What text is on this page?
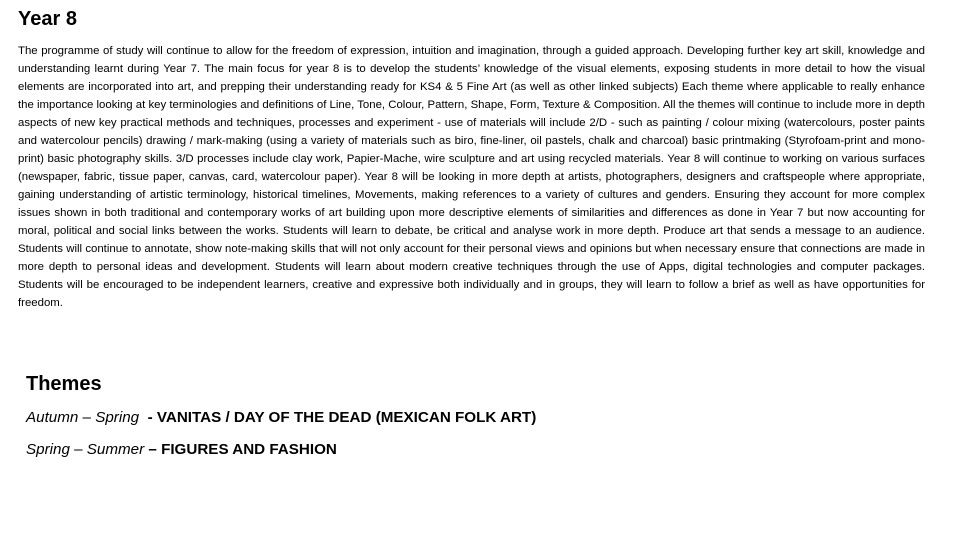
Year 8

The programme of study will continue to allow for the freedom of expression, intuition and imagination, through a guided approach. Developing further key art skill, knowledge and understanding learnt during Year 7. The main focus for year 8 is to develop the students’ knowledge of the visual elements, exposing students in more detail to how the visual elements are incorporated into art, and prepping their understanding ready for KS4 & 5 Fine Art (as well as other linked subjects) Each theme where applicable to really enhance the importance looking at key terminologies and definitions of Line, Tone, Colour, Pattern, Shape, Form, Texture & Composition. All the themes will continue to include more in depth aspects of new key practical methods and techniques, processes and experiment - use of materials will include 2/D - such as painting / colour mixing (watercolours, poster paints and watercolour pencils) drawing / mark-making (using a variety of materials such as biro, fine-liner, oil pastels, chalk and charcoal) basic printmaking (Styrofoam-print and mono-print) basic photography skills. 3/D processes include clay work, Papier-Mache, wire sculpture and art using recycled materials. Year 8 will continue to working on various surfaces (newspaper, fabric, tissue paper, canvas, card, watercolour paper). Year 8 will be looking in more depth at artists, photographers, designers and craftspeople where appropriate, gaining understanding of artistic terminology, historical timelines, Movements, making references to a variety of cultures and genders. Ensuring they account for more complex issues shown in both traditional and contemporary works of art building upon more descriptive elements of similarities and differences as done in Year 7 but now accounting for moral, political and social links between the works. Students will learn to debate, be critical and analyse work in more depth. Produce art that sends a message to an audience. Students will continue to annotate, show note-making skills that will not only account for their personal views and opinions but when necessary ensure that connections are made in more depth to personal ideas and development. Students will learn about modern creative techniques through the use of Apps, digital technologies and computer packages. Students will be encouraged to be independent learners, creative and expressive both individually and in groups, they will learn to follow a brief as well as have opportunities for freedom.

Themes

Autumn – Spring  - VANITAS / DAY OF THE DEAD (MEXICAN FOLK ART)

Spring – Summer – FIGURES AND FASHION
